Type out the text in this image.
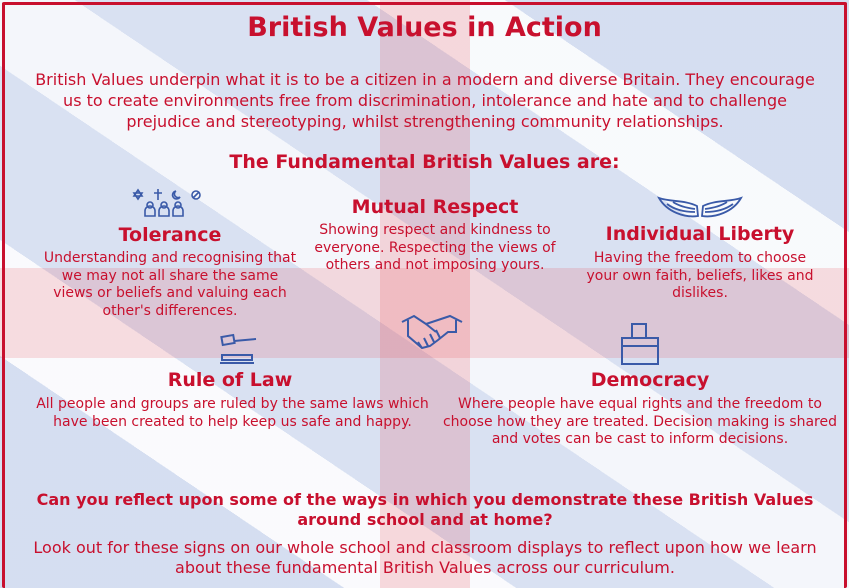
British Values in Action
British Values underpin what it is to be a citizen in a modern and diverse Britain. They encourage us to create environments free from discrimination, intolerance and hate and to challenge prejudice and stereotyping, whilst strengthening community relationships.
The Fundamental British Values are:
Tolerance
Understanding and recognising that we may not all share the same views or beliefs and valuing each other's differences.
Mutual Respect
Showing respect and kindness to everyone. Respecting the views of others and not imposing yours.
Individual Liberty
Having the freedom to choose your own faith, beliefs, likes and dislikes.
Rule of Law
All people and groups are ruled by the same laws which have been created to help keep us safe and happy.
Democracy
Where people have equal rights and the freedom to choose how they are treated. Decision making is shared and votes can be cast to inform decisions.
Can you reflect upon some of the ways in which you demonstrate these British Values around school and at home?
Look out for these signs on our whole school and classroom displays to reflect upon how we learn about these fundamental British Values across our curriculum.
